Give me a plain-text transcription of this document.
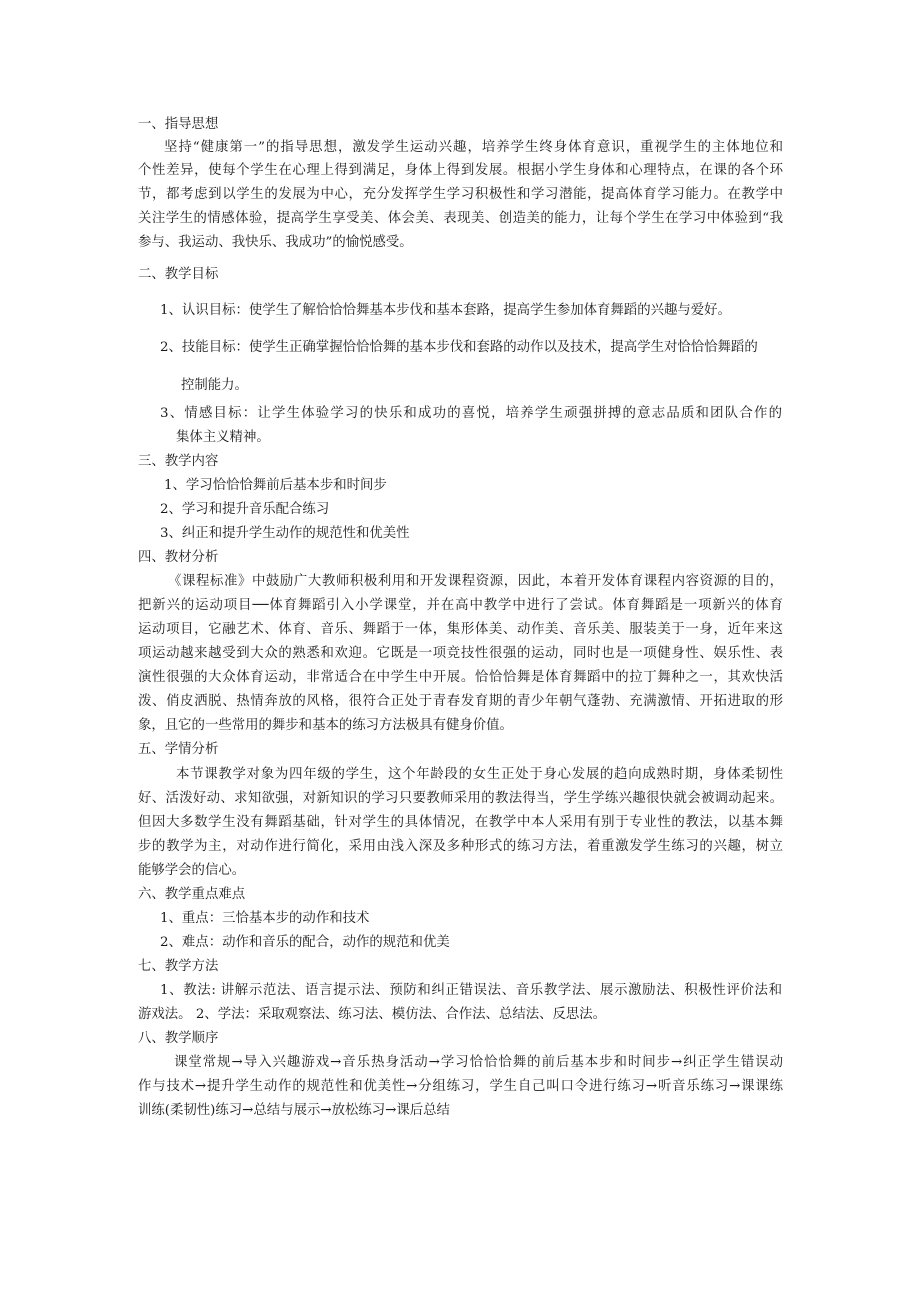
一、指导思想
坚持“健康第一”的指导思想，激发学生运动兴趣，培养学生终身体育意识，重视学生的主体地位和
个性差异，使每个学生在心理上得到满足，身体上得到发展。根据小学生身体和心理特点，在课的各个环
节，都考虑到以学生的发展为中心，充分发挥学生学习积极性和学习潜能，提高体育学习能力。在教学中
关注学生的情感体验，提高学生享受美、体会美、表现美、创造美的能力，让每个学生在学习中体验到“我
参与、我运动、我快乐、我成功”的愉悦感受。
二、教学目标
1、认识目标：使学生了解恰恰恰舞基本步伐和基本套路，提高学生参加体育舞蹈的兴趣与爱好。
2、技能目标：使学生正确掌握恰恰恰舞的基本步伐和套路的动作以及技术，提高学生对恰恰恰舞蹈的
控制能力。
3、情感目标：让学生体验学习的快乐和成功的喜悦，培养学生顽强拼搏的意志品质和团队合作的
集体主义精神。
三、教学内容
1、学习恰恰恰舞前后基本步和时间步
2、学习和提升音乐配合练习
3、纠正和提升学生动作的规范性和优美性
四、教材分析
《课程标准》中鼓励广大教师积极利用和开发课程资源，因此，本着开发体育课程内容资源的目的，
把新兴的运动项目──体育舞蹈引入小学课堂，并在高中教学中进行了尝试。体育舞蹈是一项新兴的体育
运动项目，它融艺术、体育、音乐、舞蹈于一体，集形体美、动作美、音乐美、服装美于一身，近年来这
项运动越来越受到大众的熟悉和欢迎。它既是一项竞技性很强的运动，同时也是一项健身性、娱乐性、表
演性很强的大众体育运动，非常适合在中学生中开展。恰恰恰舞是体育舞蹈中的拉丁舞种之一，其欢快活
泼、俏皮洒脱、热情奔放的风格，很符合正处于青春发育期的青少年朝气蓬勃、充满激情、开拓进取的形
象，且它的一些常用的舞步和基本的练习方法极具有健身价值。
五、学情分析
本节课教学对象为四年级的学生，这个年龄段的女生正处于身心发展的趋向成熟时期，身体柔韧性
好、活泼好动、求知欲强，对新知识的学习只要教师采用的教法得当，学生学练兴趣很快就会被调动起来。
但因大多数学生没有舞蹈基础，针对学生的具体情况，在教学中本人采用有别于专业性的教法，以基本舞
步的教学为主，对动作进行简化，采用由浅入深及多种形式的练习方法，着重激发学生练习的兴趣，树立
能够学会的信心。
六、教学重点难点
1、重点：三恰基本步的动作和技术
2、难点：动作和音乐的配合，动作的规范和优美
七、教学方法
1、教法: 讲解示范法、语言提示法、预防和纠正错误法、音乐教学法、展示激励法、积极性评价法和
游戏法。 2、学法：采取观察法、练习法、模仿法、合作法、总结法、反思法。
八、教学顺序
课堂常规→导入兴趣游戏→音乐热身活动→学习恰恰恰舞的前后基本步和时间步→纠正学生错误动
作与技术→提升学生动作的规范性和优美性→分组练习，学生自己叫口令进行练习→听音乐练习→课课练
训练(柔韧性)练习→总结与展示→放松练习→课后总结
